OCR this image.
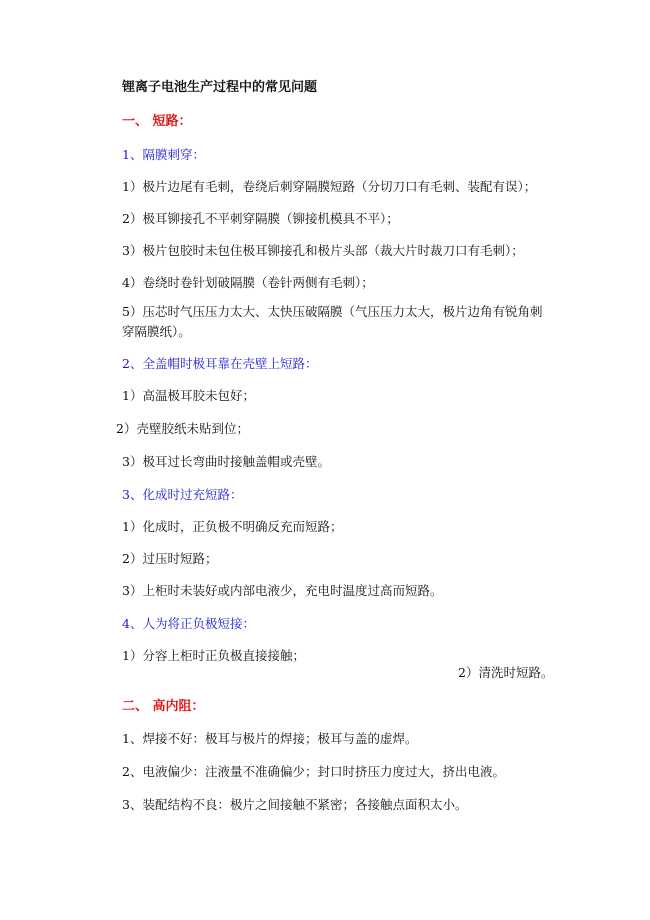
锂离子电池生产过程中的常见问题
一、 短路：
1、隔膜刺穿：
1）极片边尾有毛刺，卷绕后刺穿隔膜短路（分切刀口有毛刺、装配有误）；
2）极耳铆接孔不平刺穿隔膜（铆接机模具不平）；
3）极片包胶时未包住极耳铆接孔和极片头部（裁大片时裁刀口有毛刺）；
4）卷绕时卷针划破隔膜（卷针两侧有毛刺）；
5）压芯时气压压力太大、太快压破隔膜（气压压力太大，极片边角有锐角刺穿隔膜纸）。
2、全盖帽时极耳靠在壳壁上短路：
1）高温极耳胶未包好；
2）壳壁胶纸未贴到位；
3）极耳过长弯曲时接触盖帽或壳壁。
3、化成时过充短路：
1）化成时，正负极不明确反充而短路；
2）过压时短路；
3）上柜时未装好或内部电液少，充电时温度过高而短路。
4、人为将正负极短接：
1）分容上柜时正负极直接接触；
2）清洗时短路。
二、 高内阻：
1、焊接不好：极耳与极片的焊接；极耳与盖的虚焊。
2、电液偏少：注液量不准确偏少；封口时挤压力度过大，挤出电液。
3、装配结构不良：极片之间接触不紧密；各接触点面积太小。
